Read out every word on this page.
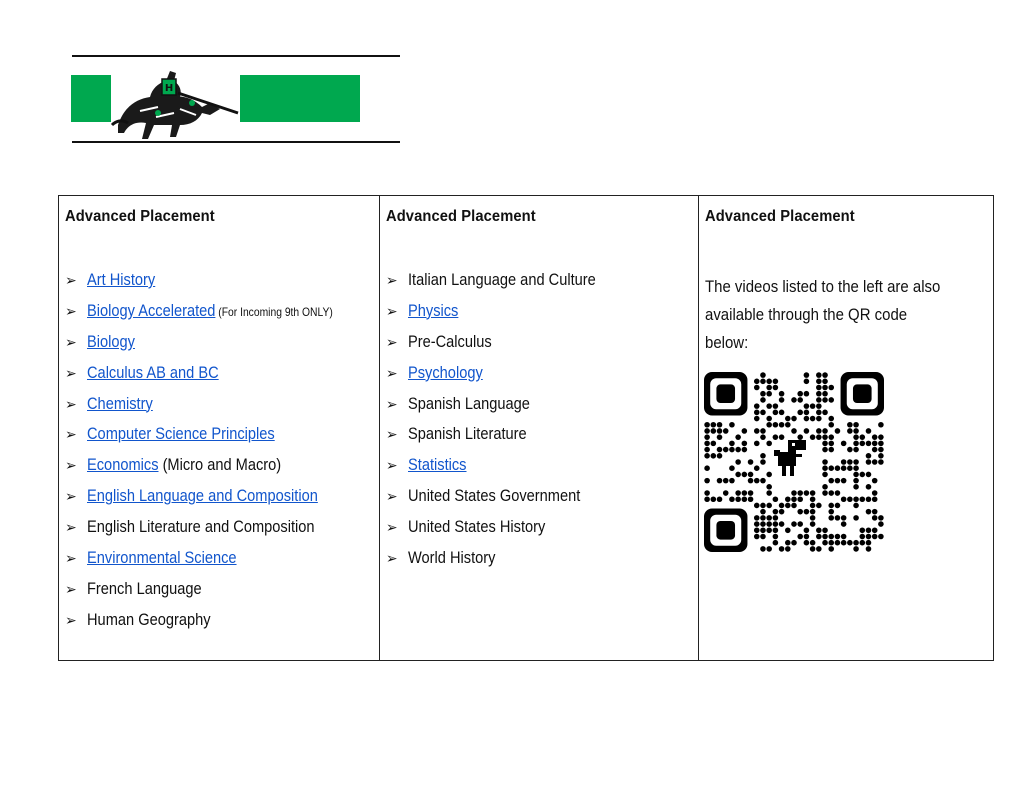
H
Advanced Placement
➢ Art History
➢ Biology Accelerated (For Incoming 9th ONLY)
➢ Biology
➢ Calculus AB and BC
➢ Chemistry
➢ Computer Science Principles
➢ Economics (Micro and Macro)
➢ English Language and Composition
➢ English Literature and Composition
➢ Environmental Science
➢ French Language
➢ Human Geography

Advanced Placement
➢ Italian Language and Culture
➢ Physics
➢ Pre-Calculus
➢ Psychology
➢ Spanish Language
➢ Spanish Literature
➢ Statistics
➢ United States Government
➢ United States History
➢ World History

Advanced Placement
The videos listed to the left are also available through the QR code below:
